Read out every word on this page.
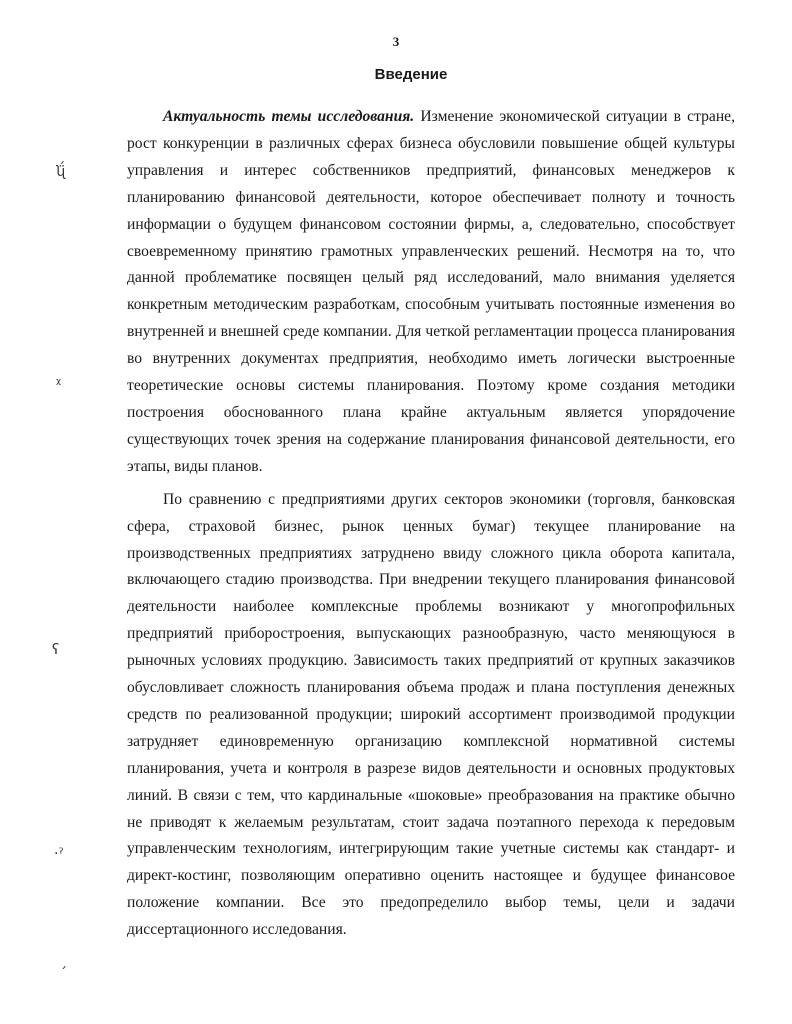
3
Введение

Актуальность темы исследования. Изменение экономической ситуации в стране, рост конкуренции в различных сферах бизнеса обусловили повышение общей культуры управления и интерес собственников предприятий, финансовых менеджеров к планированию финансовой деятельности, которое обеспечивает полноту и точность информации о будущем финансовом состоянии фирмы, а, следовательно, способствует своевременному принятию грамотных управленческих решений. Несмотря на то, что данной проблематике посвящен целый ряд исследований, мало внимания уделяется конкретным методическим разработкам, способным учитывать постоянные изменения во внутренней и внешней среде компании. Для четкой регламентации процесса планирования во внутренних документах предприятия, необходимо иметь логически выстроенные теоретические основы системы планирования. Поэтому кроме создания методики построения обоснованного плана крайне актуальным является упорядочение существующих точек зрения на содержание планирования финансовой деятельности, его этапы, виды планов.

По сравнению с предприятиями других секторов экономики (торговля, банковская сфера, страховой бизнес, рынок ценных бумаг) текущее планирование на производственных предприятиях затруднено ввиду сложного цикла оборота капитала, включающего стадию производства. При внедрении текущего планирования финансовой деятельности наиболее комплексные проблемы возникают у многопрофильных предприятий приборостроения, выпускающих разнообразную, часто меняющуюся в рыночных условиях продукцию. Зависимость таких предприятий от крупных заказчиков обусловливает сложность планирования объема продаж и плана поступления денежных средств по реализованной продукции; широкий ассортимент производимой продукции затрудняет единовременную организацию комплексной нормативной системы планирования, учета и контроля в разрезе видов деятельности и основных продуктовых линий. В связи с тем, что кардинальные «шоковые» преобразования на практике обычно не приводят к желаемым результатам, стоит задача поэтапного перехода к передовым управленческим технологиям, интегрирующим такие учетные системы как стандарт- и директ-костинг, позволяющим оперативно оценить настоящее и будущее финансовое положение компании. Все это предопределило выбор темы, цели и задачи диссертационного исследования.

ʯ̈́
ᵡ
ʕ
·ˀ
ˊ
